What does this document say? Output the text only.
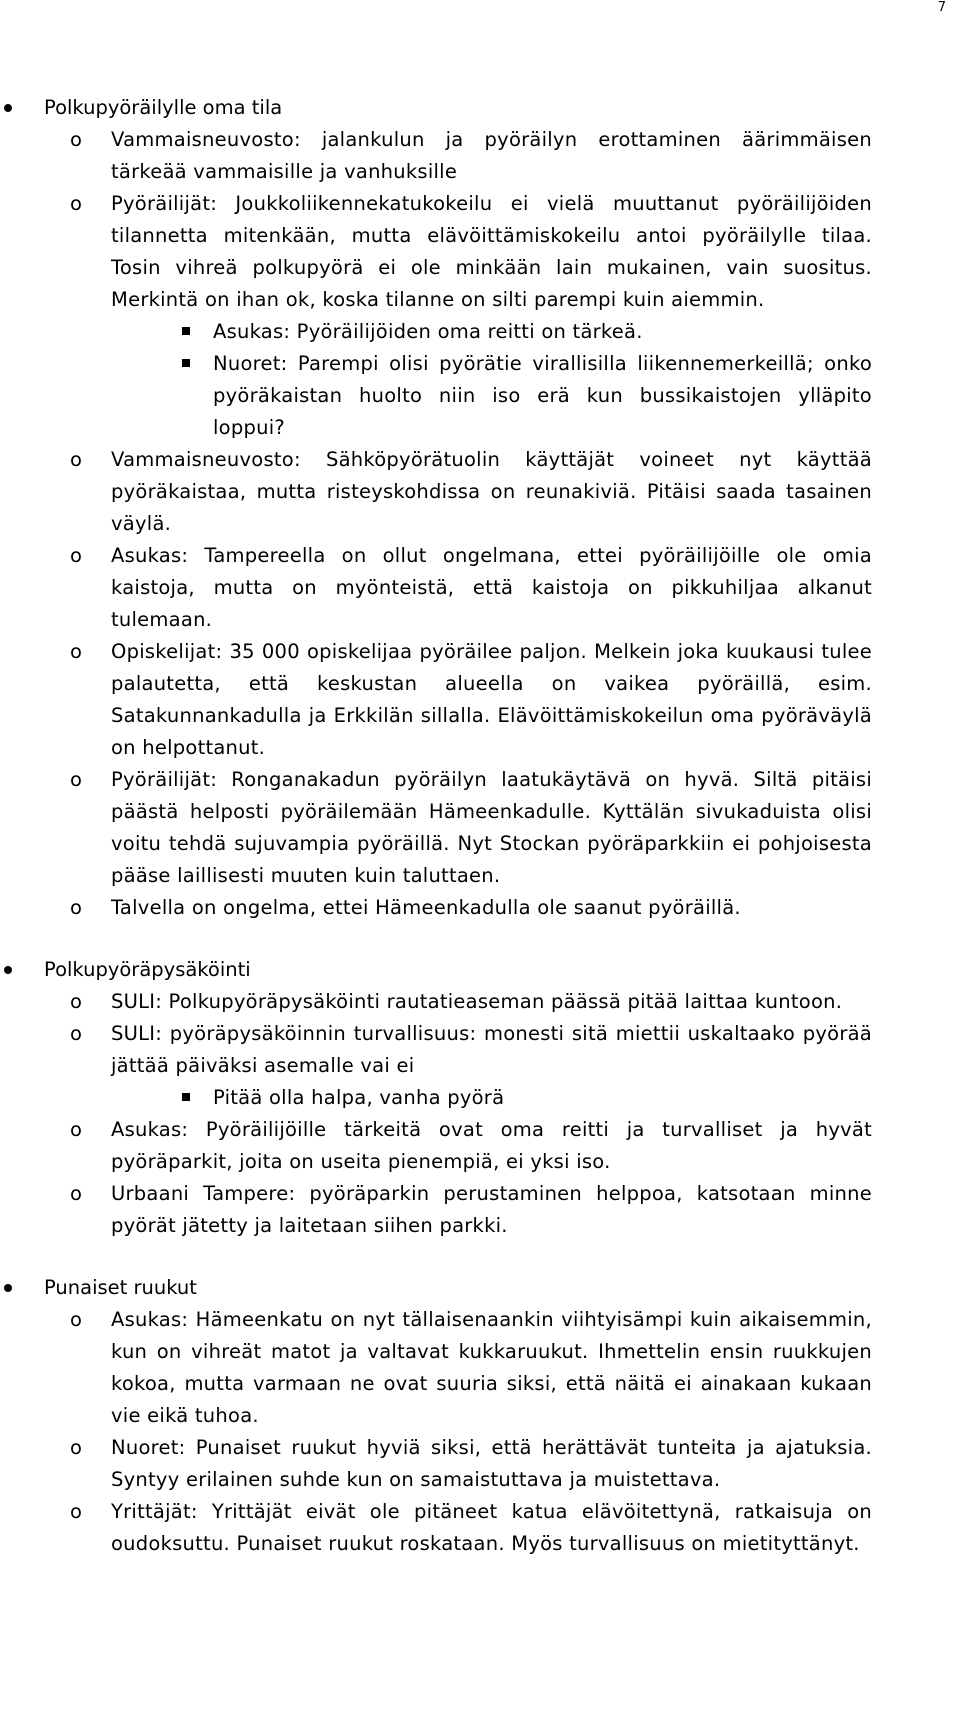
7
Polkupyöräilylle oma tila
o Vammaisneuvosto: jalankulun ja pyöräilyn erottaminen äärimmäisen tärkeää vammaisille ja vanhuksille
o Pyöräilijät: Joukkoliikennekatukokeilu ei vielä muuttanut pyöräilijöiden tilannetta mitenkään, mutta elävöittämiskokeilu antoi pyöräilylle tilaa. Tosin vihreä polkupyörä ei ole minkään lain mukainen, vain suositus. Merkintä on ihan ok, koska tilanne on silti parempi kuin aiemmin.
Asukas: Pyöräilijöiden oma reitti on tärkeä.
Nuoret: Parempi olisi pyörätie virallisilla liikennemerkeillä; onko pyöräkaistan huolto niin iso erä kun bussikaistojen ylläpito loppui?
o Vammaisneuvosto: Sähköpyörätuolin käyttäjät voineet nyt käyttää pyöräkaistaa, mutta risteyskohdissa on reunakiviä. Pitäisi saada tasainen väylä.
o Asukas: Tampereella on ollut ongelmana, ettei pyöräilijöille ole omia kaistoja, mutta on myönteistä, että kaistoja on pikkuhiljaa alkanut tulemaan.
o Opiskelijat: 35 000 opiskelijaa pyöräilee paljon. Melkein joka kuukausi tulee palautetta, että keskustan alueella on vaikea pyöräillä, esim. Satakunnankadulla ja Erkkilän sillalla. Elävöittämiskokeilun oma pyöräväylä on helpottanut.
o Pyöräilijät: Ronganakadun pyöräilyn laatukäytävä on hyvä. Siltä pitäisi päästä helposti pyöräilemään Hämeenkadulle. Kyttälän sivukaduista olisi voitu tehdä sujuvampia pyöräillä. Nyt Stockan pyöräparkkiin ei pohjoisesta pääse laillisesti muuten kuin taluttaen.
o Talvella on ongelma, ettei Hämeenkadulla ole saanut pyöräillä.
Polkupyöräpysäköinti
o SULI: Polkupyöräpysäköinti rautatieaseman päässä pitää laittaa kuntoon.
o SULI: pyöräpysäköinnin turvallisuus: monesti sitä miettii uskaltaako pyörää jättää päiväksi asemalle vai ei
Pitää olla halpa, vanha pyörä
o Asukas: Pyöräilijöille tärkeitä ovat oma reitti ja turvalliset ja hyvät pyöräparkit, joita on useita pienempiä, ei yksi iso.
o Urbaani Tampere: pyöräparkin perustaminen helppoa, katsotaan minne pyörät jätetty ja laitetaan siihen parkki.
Punaiset ruukut
o Asukas: Hämeenkatu on nyt tällaisenaankin viihtyisämpi kuin aikaisemmin, kun on vihreät matot ja valtavat kukkaruukut. Ihmettelin ensin ruukkujen kokoa, mutta varmaan ne ovat suuria siksi, että näitä ei ainakaan kukaan vie eikä tuhoa.
o Nuoret: Punaiset ruukut hyviä siksi, että herättävät tunteita ja ajatuksia. Syntyy erilainen suhde kun on samaistuttava ja muistettava.
o Yrittäjät: Yrittäjät eivät ole pitäneet katua elävöitettynä, ratkaisuja on oudoksuttu. Punaiset ruukut roskataan. Myös turvallisuus on mietityttänyt.
